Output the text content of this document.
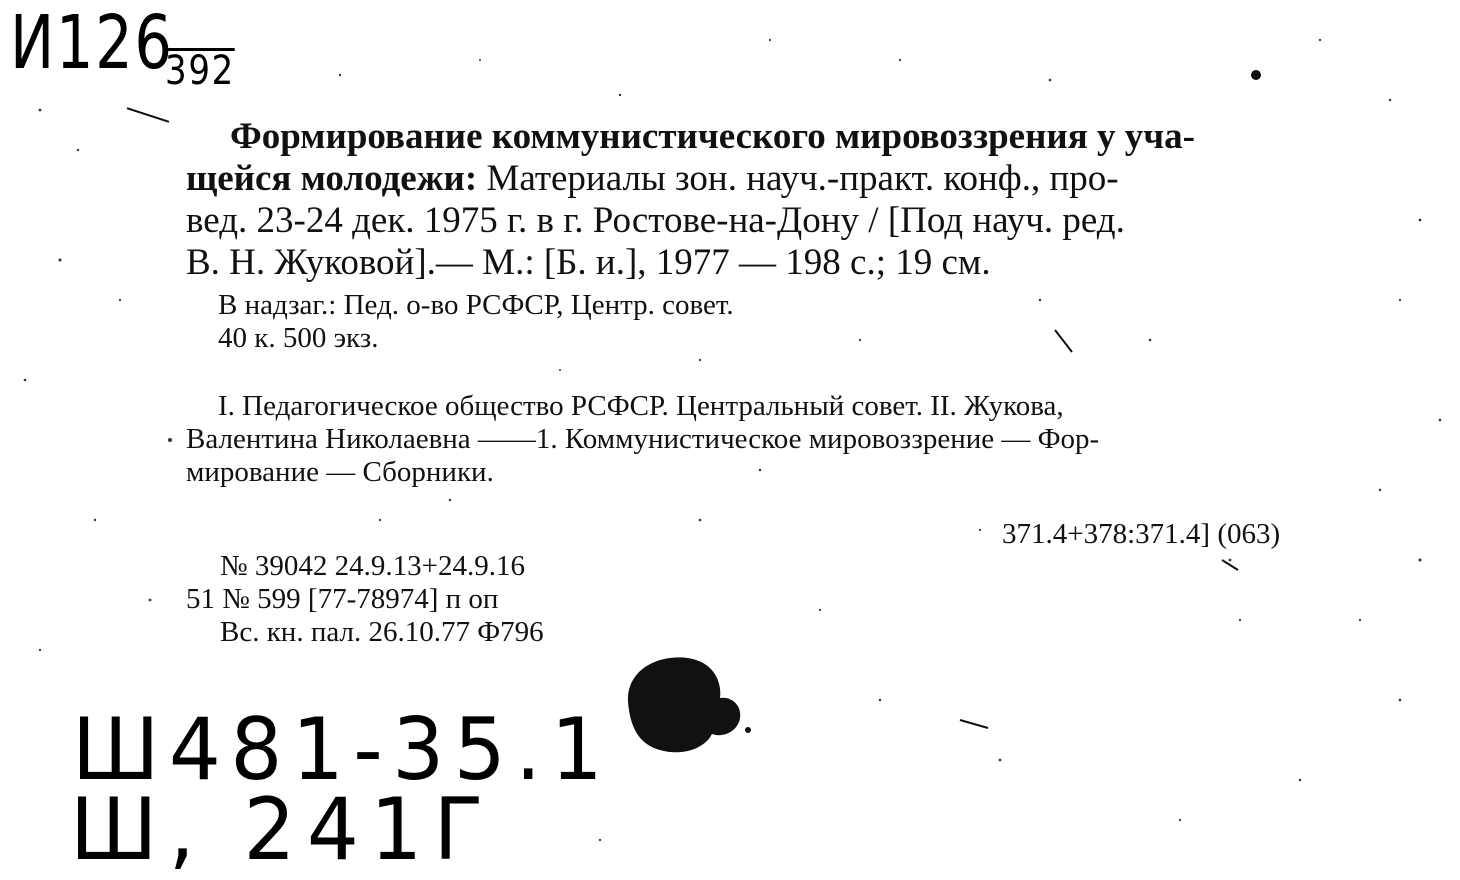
И126
392
Формирование коммунистического мировоззрения у уча-
щейся молодежи: Материалы зон. науч.-практ. конф., про-
вед. 23-24 дек. 1975 г. в г. Ростове-на-Дону / [Под науч. ред.
В. Н. Жуковой].— М.: [Б. и.], 1977 — 198 с.; 19 см.
В надзаг.: Пед. о-во РСФСР, Центр. совет.
40 к. 500 экз.
I. Педагогическое общество РСФСР. Центральный совет. II. Жукова,
Валентина Николаевна ——1. Коммунистическое мировоззрение — Фор-
мирование — Сборники.
371.4+378:371.4] (063)
№ 39042 24.9.13+24.9.16
51 № 599 [77-78974] п оп
Вс. кн. пал. 26.10.77 Ф796
Ш481-35.1
Ш, 241Г
